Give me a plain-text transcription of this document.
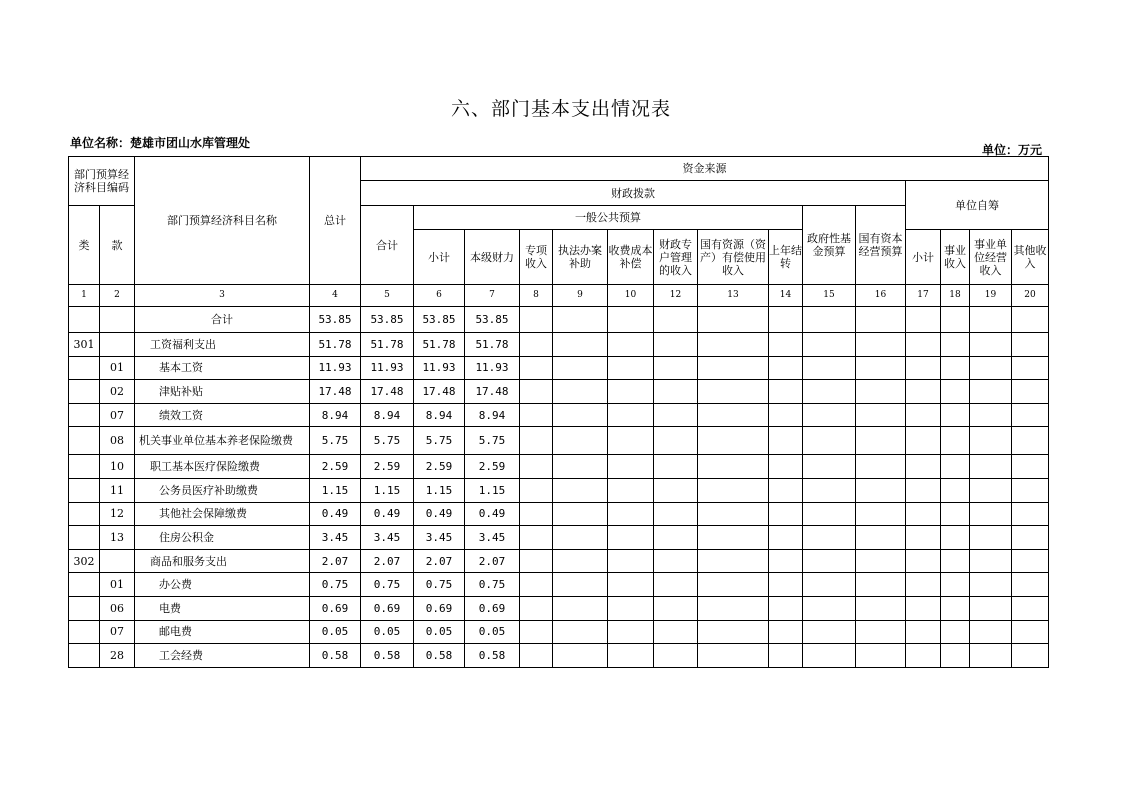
六、部门基本支出情况表
单位名称：楚雄市团山水库管理处	单位：万元
部门预算经济科目编码		部门预算经济科目名称	总计	资金来源														
				财政拨款											单位自筹			
类	款			合计	一般公共预算								政府性基金预算	国有资本经营预算				
					小计	本级财力	专项收入	执法办案补助	收费成本补偿	财政专户管理的收入	国有资源（资产）有偿使用收入	上年结转			小计	事业收入	事业单位经营收入	其他收入

1	2	3	4	5	6	7	8	9	10	12	13	14	15	16	17	18	19	20
		合计	53.85	53.85	53.85	53.85												
301		工资福利支出	51.78	51.78	51.78	51.78												
	01	基本工资	11.93	11.93	11.93	11.93												
	02	津贴补贴	17.48	17.48	17.48	17.48												
	07	绩效工资	8.94	8.94	8.94	8.94												
	08	机关事业单位基本养老保险缴费	5.75	5.75	5.75	5.75												
	10	职工基本医疗保险缴费	2.59	2.59	2.59	2.59												
	11	公务员医疗补助缴费	1.15	1.15	1.15	1.15												
	12	其他社会保障缴费	0.49	0.49	0.49	0.49												
	13	住房公积金	3.45	3.45	3.45	3.45												
302		商品和服务支出	2.07	2.07	2.07	2.07												
	01	办公费	0.75	0.75	0.75	0.75												
	06	电费	0.69	0.69	0.69	0.69												
	07	邮电费	0.05	0.05	0.05	0.05												
	28	工会经费	0.58	0.58	0.58	0.58												
